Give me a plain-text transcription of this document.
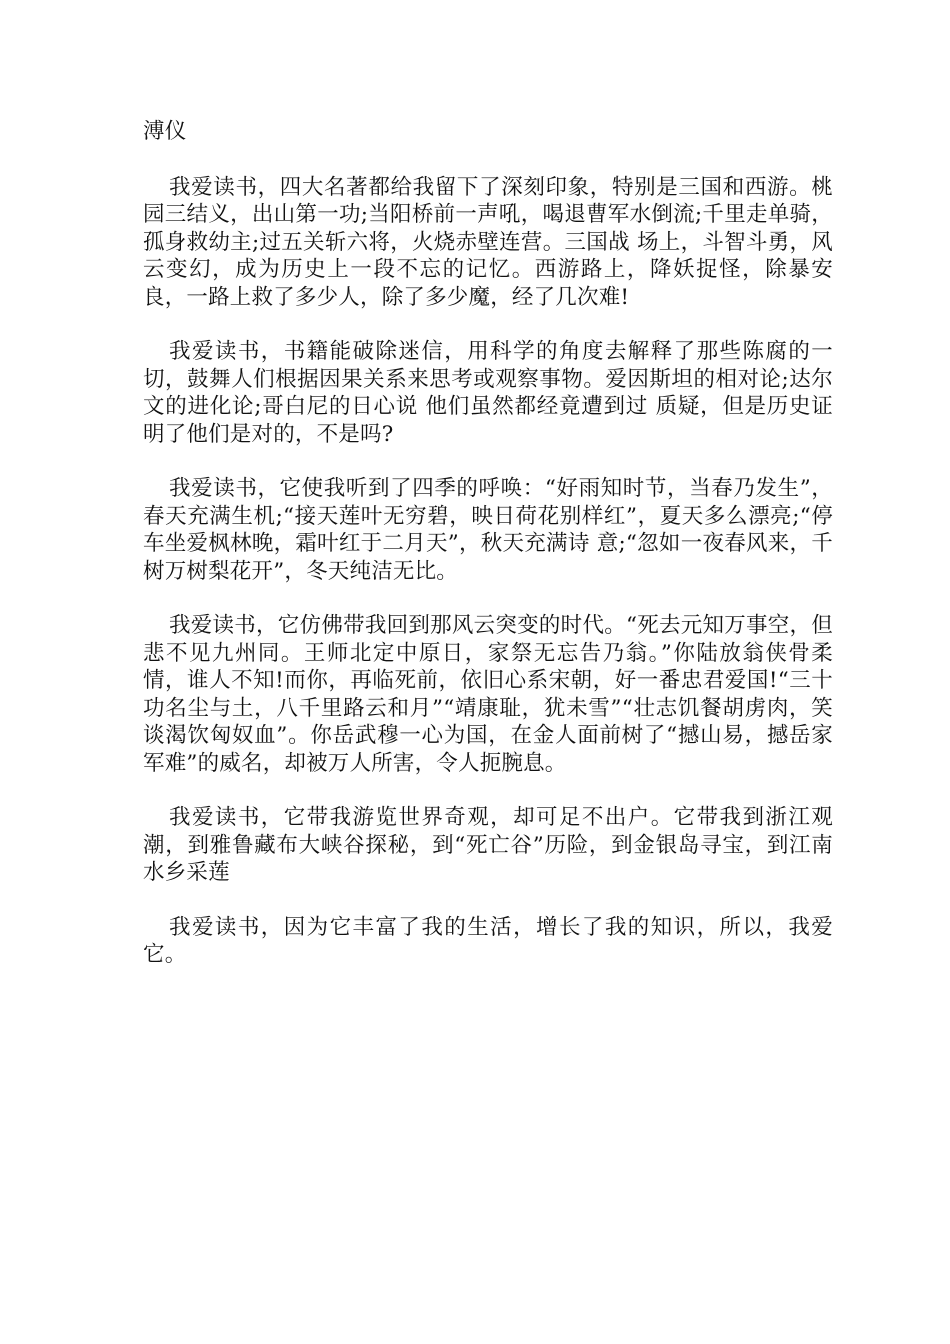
溥仪

我爱读书，四大名著都给我留下了深刻印象，特别是三国和西游。桃园三结义，出山第一功;当阳桥前一声吼，喝退曹军水倒流;千里走单骑，孤身救幼主;过五关斩六将，火烧赤壁连营。三国战 场上，斗智斗勇，风云变幻，成为历史上一段不忘的记忆。西游路上，降妖捉怪，除暴安良，一路上救了多少人，除了多少魔，经了几次难!

我爱读书，书籍能破除迷信，用科学的角度去解释了那些陈腐的一切，鼓舞人们根据因果关系来思考或观察事物。爱因斯坦的相对论;达尔文的进化论;哥白尼的日心说 他们虽然都经竟遭到过 质疑，但是历史证明了他们是对的，不是吗?

我爱读书，它使我听到了四季的呼唤：“好雨知时节，当春乃发生”，春天充满生机;“接天莲叶无穷碧，映日荷花别样红”，夏天多么漂亮;“停车坐爱枫林晚，霜叶红于二月天”，秋天充满诗 意;“忽如一夜春风来，千树万树梨花开”，冬天纯洁无比。

我爱读书，它仿佛带我回到那风云突变的时代。“死去元知万事空，但悲不见九州同。王师北定中原日，家祭无忘告乃翁。”你陆放翁侠骨柔情，谁人不知!而你，再临死前，依旧心系宋朝，好一番忠君爱国!“三十功名尘与土，八千里路云和月”“靖康耻，犹未雪”“壮志饥餐胡虏肉，笑谈渴饮匈奴血”。你岳武穆一心为国，在金人面前树了“撼山易，撼岳家军难”的威名，却被万人所害，令人扼腕息。

我爱读书，它带我游览世界奇观，却可足不出户。它带我到浙江观潮，到雅鲁藏布大峡谷探秘，到“死亡谷”历险，到金银岛寻宝，到江南水乡采莲

我爱读书，因为它丰富了我的生活，增长了我的知识，所以，我爱它。
